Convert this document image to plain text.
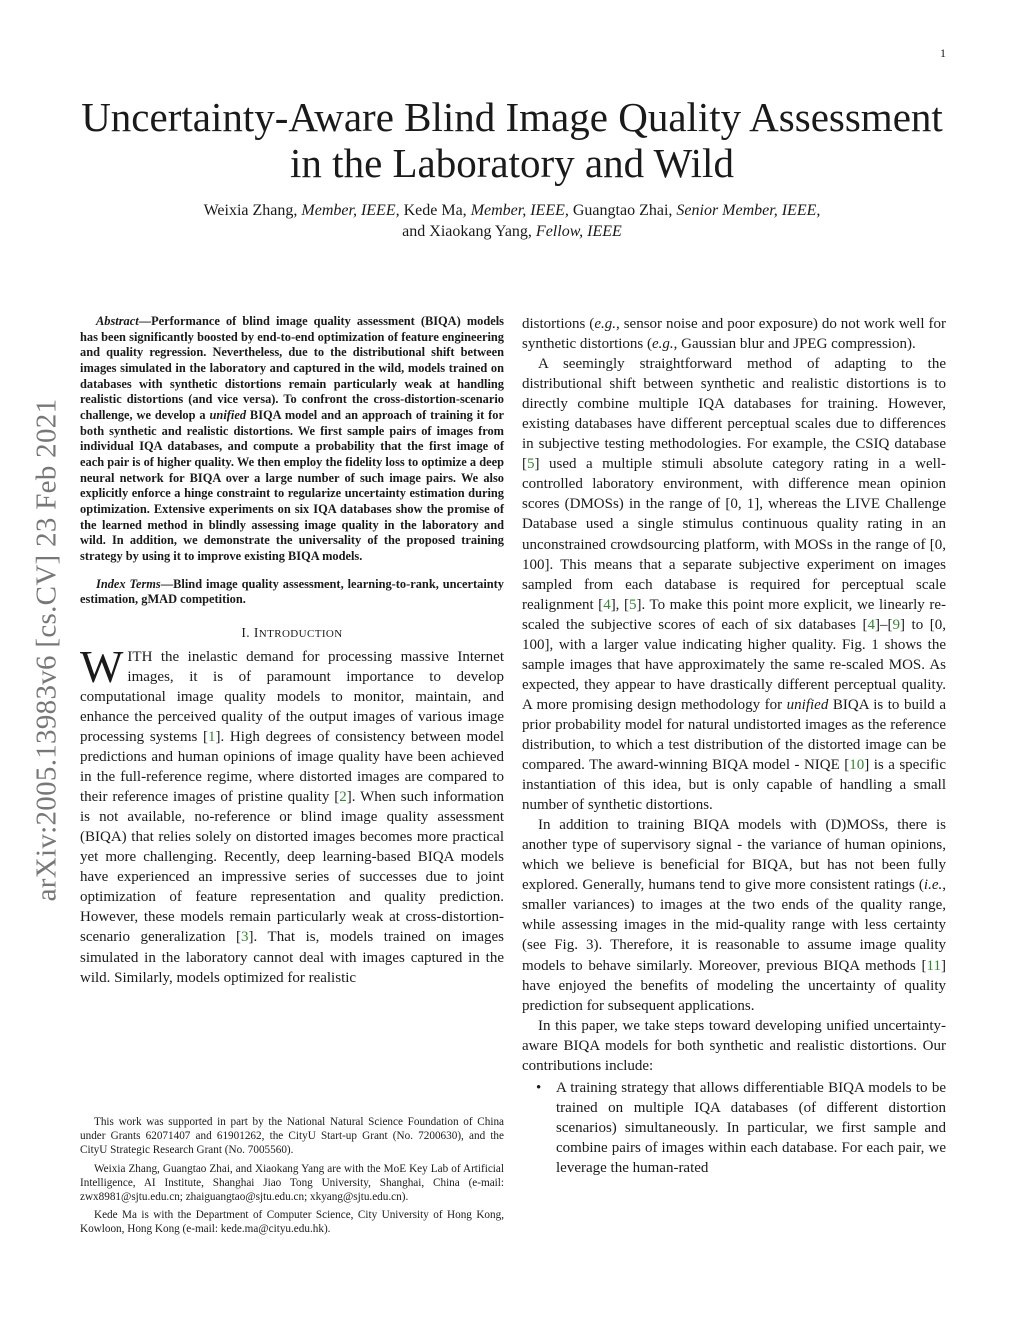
1
arXiv:2005.13983v6 [cs.CV] 23 Feb 2021
Uncertainty-Aware Blind Image Quality Assessment in the Laboratory and Wild
Weixia Zhang, Member, IEEE, Kede Ma, Member, IEEE, Guangtao Zhai, Senior Member, IEEE,
and Xiaokang Yang, Fellow, IEEE

Abstract—Performance of blind image quality assessment (BIQA) models has been significantly boosted by end-to-end optimization of feature engineering and quality regression. Nevertheless, due to the distributional shift between images simulated in the laboratory and captured in the wild, models trained on databases with synthetic distortions remain particularly weak at handling realistic distortions (and vice versa). To confront the cross-distortion-scenario challenge, we develop a unified BIQA model and an approach of training it for both synthetic and realistic distortions. We first sample pairs of images from individual IQA databases, and compute a probability that the first image of each pair is of higher quality. We then employ the fidelity loss to optimize a deep neural network for BIQA over a large number of such image pairs. We also explicitly enforce a hinge constraint to regularize uncertainty estimation during optimization. Extensive experiments on six IQA databases show the promise of the learned method in blindly assessing image quality in the laboratory and wild. In addition, we demonstrate the universality of the proposed training strategy by using it to improve existing BIQA models.

Index Terms—Blind image quality assessment, learning-to-rank, uncertainty estimation, gMAD competition.

I. INTRODUCTION

WITH the inelastic demand for processing massive Internet images, it is of paramount importance to develop computational image quality models to monitor, maintain, and enhance the perceived quality of the output images of various image processing systems [1]. High degrees of consistency between model predictions and human opinions of image quality have been achieved in the full-reference regime, where distorted images are compared to their reference images of pristine quality [2]. When such information is not available, no-reference or blind image quality assessment (BIQA) that relies solely on distorted images becomes more practical yet more challenging. Recently, deep learning-based BIQA models have experienced an impressive series of successes due to joint optimization of feature representation and quality prediction. However, these models remain particularly weak at cross-distortion-scenario generalization [3]. That is, models trained on images simulated in the laboratory cannot deal with images captured in the wild. Similarly, models optimized for realistic

This work was supported in part by the National Natural Science Foundation of China under Grants 62071407 and 61901262, the CityU Start-up Grant (No. 7200630), and the CityU Strategic Research Grant (No. 7005560).

Weixia Zhang, Guangtao Zhai, and Xiaokang Yang are with the MoE Key Lab of Artificial Intelligence, AI Institute, Shanghai Jiao Tong University, Shanghai, China (e-mail: zwx8981@sjtu.edu.cn; zhaiguangtao@sjtu.edu.cn; xkyang@sjtu.edu.cn).

Kede Ma is with the Department of Computer Science, City University of Hong Kong, Kowloon, Hong Kong (e-mail: kede.ma@cityu.edu.hk).

distortions (e.g., sensor noise and poor exposure) do not work well for synthetic distortions (e.g., Gaussian blur and JPEG compression).

A seemingly straightforward method of adapting to the distributional shift between synthetic and realistic distortions is to directly combine multiple IQA databases for training. However, existing databases have different perceptual scales due to differences in subjective testing methodologies. For example, the CSIQ database [5] used a multiple stimuli absolute category rating in a well-controlled laboratory environment, with difference mean opinion scores (DMOSs) in the range of [0, 1], whereas the LIVE Challenge Database used a single stimulus continuous quality rating in an unconstrained crowdsourcing platform, with MOSs in the range of [0, 100]. This means that a separate subjective experiment on images sampled from each database is required for perceptual scale realignment [4], [5]. To make this point more explicit, we linearly re-scaled the subjective scores of each of six databases [4]–[9] to [0, 100], with a larger value indicating higher quality. Fig. 1 shows the sample images that have approximately the same re-scaled MOS. As expected, they appear to have drastically different perceptual quality. A more promising design methodology for unified BIQA is to build a prior probability model for natural undistorted images as the reference distribution, to which a test distribution of the distorted image can be compared. The award-winning BIQA model - NIQE [10] is a specific instantiation of this idea, but is only capable of handling a small number of synthetic distortions.

In addition to training BIQA models with (D)MOSs, there is another type of supervisory signal - the variance of human opinions, which we believe is beneficial for BIQA, but has not been fully explored. Generally, humans tend to give more consistent ratings (i.e., smaller variances) to images at the two ends of the quality range, while assessing images in the mid-quality range with less certainty (see Fig. 3). Therefore, it is reasonable to assume image quality models to behave similarly. Moreover, previous BIQA methods [11] have enjoyed the benefits of modeling the uncertainty of quality prediction for subsequent applications.

In this paper, we take steps toward developing unified uncertainty-aware BIQA models for both synthetic and realistic distortions. Our contributions include:

• A training strategy that allows differentiable BIQA models to be trained on multiple IQA databases (of different distortion scenarios) simultaneously. In particular, we first sample and combine pairs of images within each database. For each pair, we leverage the human-rated
